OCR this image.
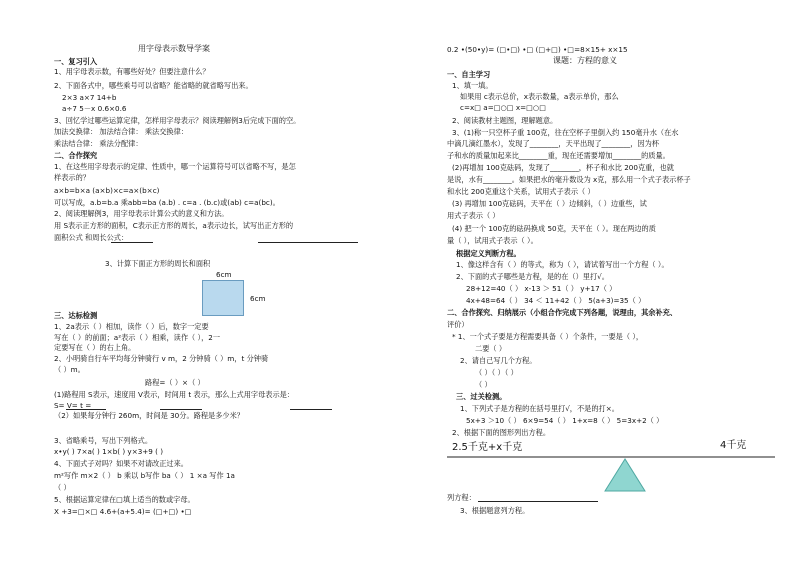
用字母表示数导学案
一、复习引入
1、用字母表示数，有哪些好处？但要注意什么？
2、下面各式中，哪些乘号可以省略？能省略的就省略写出来。
2×3 a×7 14+b
a÷7 5－x 0.6×0.6
3、回忆学过哪些运算定律，怎样用字母表示？阅读理解例3后完成下面的空。
加法交换律： 加法结合律： 乘法交换律：
乘法结合律： 乘法分配律：
二、合作探究
1、在这些用字母表示的定律、性质中，哪一个运算符号可以省略不写，是怎
样表示的？
a×b=b×a (a×b)×c=a×(b×c)
可以写成，a.b=b.a 乘abb=ba (a.b) . c=a . (b.c)或(ab) c=a(bc)。
2、阅读理解例3，用字母表示计算公式的意义和方法。
用 S表示正方形的面积，C表示正方形的周长，a表示边长，试写出正方形的
面积公式 和周长公式：
3、计算下面正方形的周长和面积
6cm
6cm
三、达标检测
1、2a表示（ ）相加，读作（ ）后，数字一定要
写在（ ）的前面；a²表示（ ）相乘，读作（ ），2一
定要写在（ ）的右上角。
2、小明骑自行车平均每分钟骑行 v m，2 分钟骑（ ）m，t 分钟骑
（ ）m。
路程=（ ）×（ ）
(1)路程用 S表示，速度用 V表示，时间用 t 表示，那么上式用字母表示是：
S= V= t =
（2）如果每分钟行 260m，时间是 30分。路程是多少米？
3、省略乘号，写出下列格式。
x•y( ) 7×a( ) 1×b( ) y×3+9 ( )
4、下面式子对吗？如果不对请改正过来。
m²写作 m×2（ ） b 乘以 b写作 ba（ ） 1 ×a 写作 1a
（ ）
5、根据运算定律在□填上适当的数或字母。
X +3=□×□ 4.6+(a+5.4)= (□+□) •□
0.2 •(50•y)= (□•□) •□ (□+□) •□=8×15+ x×15
课题：方程的意义
一、自主学习
1、填一填。
如果用 c表示总价，x表示数量，a表示单价，那么
c=x□ a=□○□ x=□○□
2、阅读教材主题图，理解题意。
3、(1)称一只空杯子重 100克，往在空杯子里倒入约 150毫升水（在水
中滴几滴红墨水），发现了________，天平出现了________，因为杯
子和水的质量加起来比________重，现在还需要增加________的质量。
(2)再增加 100克砝码，发现了________，杯子和水比 200克重，也就
是说，水有________。如果把水的毫升数设为 x克，那么用一个式子表示杯子
和水比 200克重这个关系，试用式子表示（ ）
(3) 再增加 100克砝码，天平在（ ）边倾斜，（ ）边重些，试
用式子表示（ ）
(4) 把一个 100克的砝码换成 50克，天平在（ ）。现在两边的质
量（ ），试用式子表示（ ）。
根据定义判断方程。
1、像这样含有（ ）的等式，称为（ ），请试着写出一个方程（ ）。
2、下面的式子哪些是方程，是的在（）里打√。
28+12=40（ ） x-13 ＞ 51（ ） y+17（ ）
4x+48=64（ ） 34 ＜ 11+42（ ） 5(a+3)=35（ ）
二、合作探究、归纳展示（小组合作完成下列各题，说理由，其余补充、
评价）
* 1、一个式子要是方程需要具备（ ）个条件，一要是（ ），
二要（ ）
2、请自己写几个方程。
（ ）（ ）（ ）
（ ）
三、过关检测。
1、下列式子是方程的在括号里打√，不是的打×。
5x+3 ＞10（ ） 6×9=54（ ） 1+x=8（ ） 5=3x+2（ ）
2、根据下面的图形列出方程。
2.5千克+x千克	4千克
列方程：
3、根据题意列方程。
